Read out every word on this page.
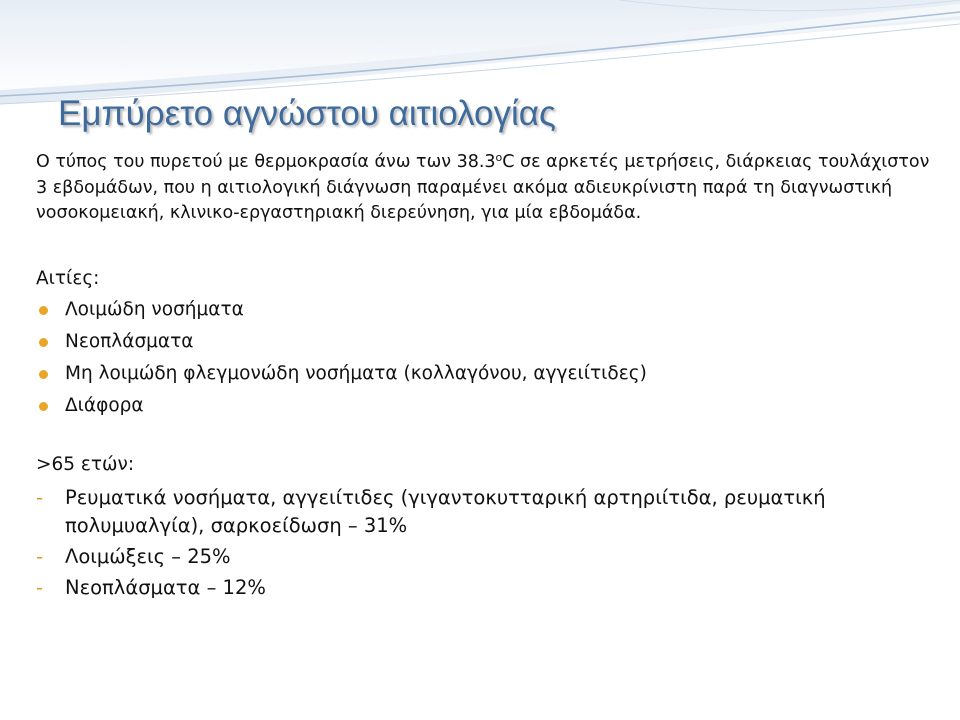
Εμπύρετο αγνώστου αιτιολογίας

Ο τύπος του πυρετού με θερμοκρασία άνω των $38.3^oC$ σε αρκετές μετρήσεις, διάρκειας τουλάχιστον 3 εβδομάδων, που η αιτιολογική διάγνωση παραμένει ακόμα αδιευκρίνιστη παρά τη διαγνωστική νοσοκομειακή, κλινικο-εργαστηριακή διερεύνηση, για μία εβδομάδα.

Αιτίες:

Λοιμώδη νοσήματα
Νεοπλάσματα
Μη λοιμώδη φλεγμονώδη νοσήματα (κολλαγόνου, αγγειίτιδες)
Διάφορα

>65 ετών:

- Ρευματικά νοσήματα, αγγειίτιδες (γιγαντοκυτταρική αρτηριίτιδα, ρευματική πολυμυαλγία), σαρκοείδωση – 31%
- Λοιμώξεις – 25%
- Νεοπλάσματα – 12%
